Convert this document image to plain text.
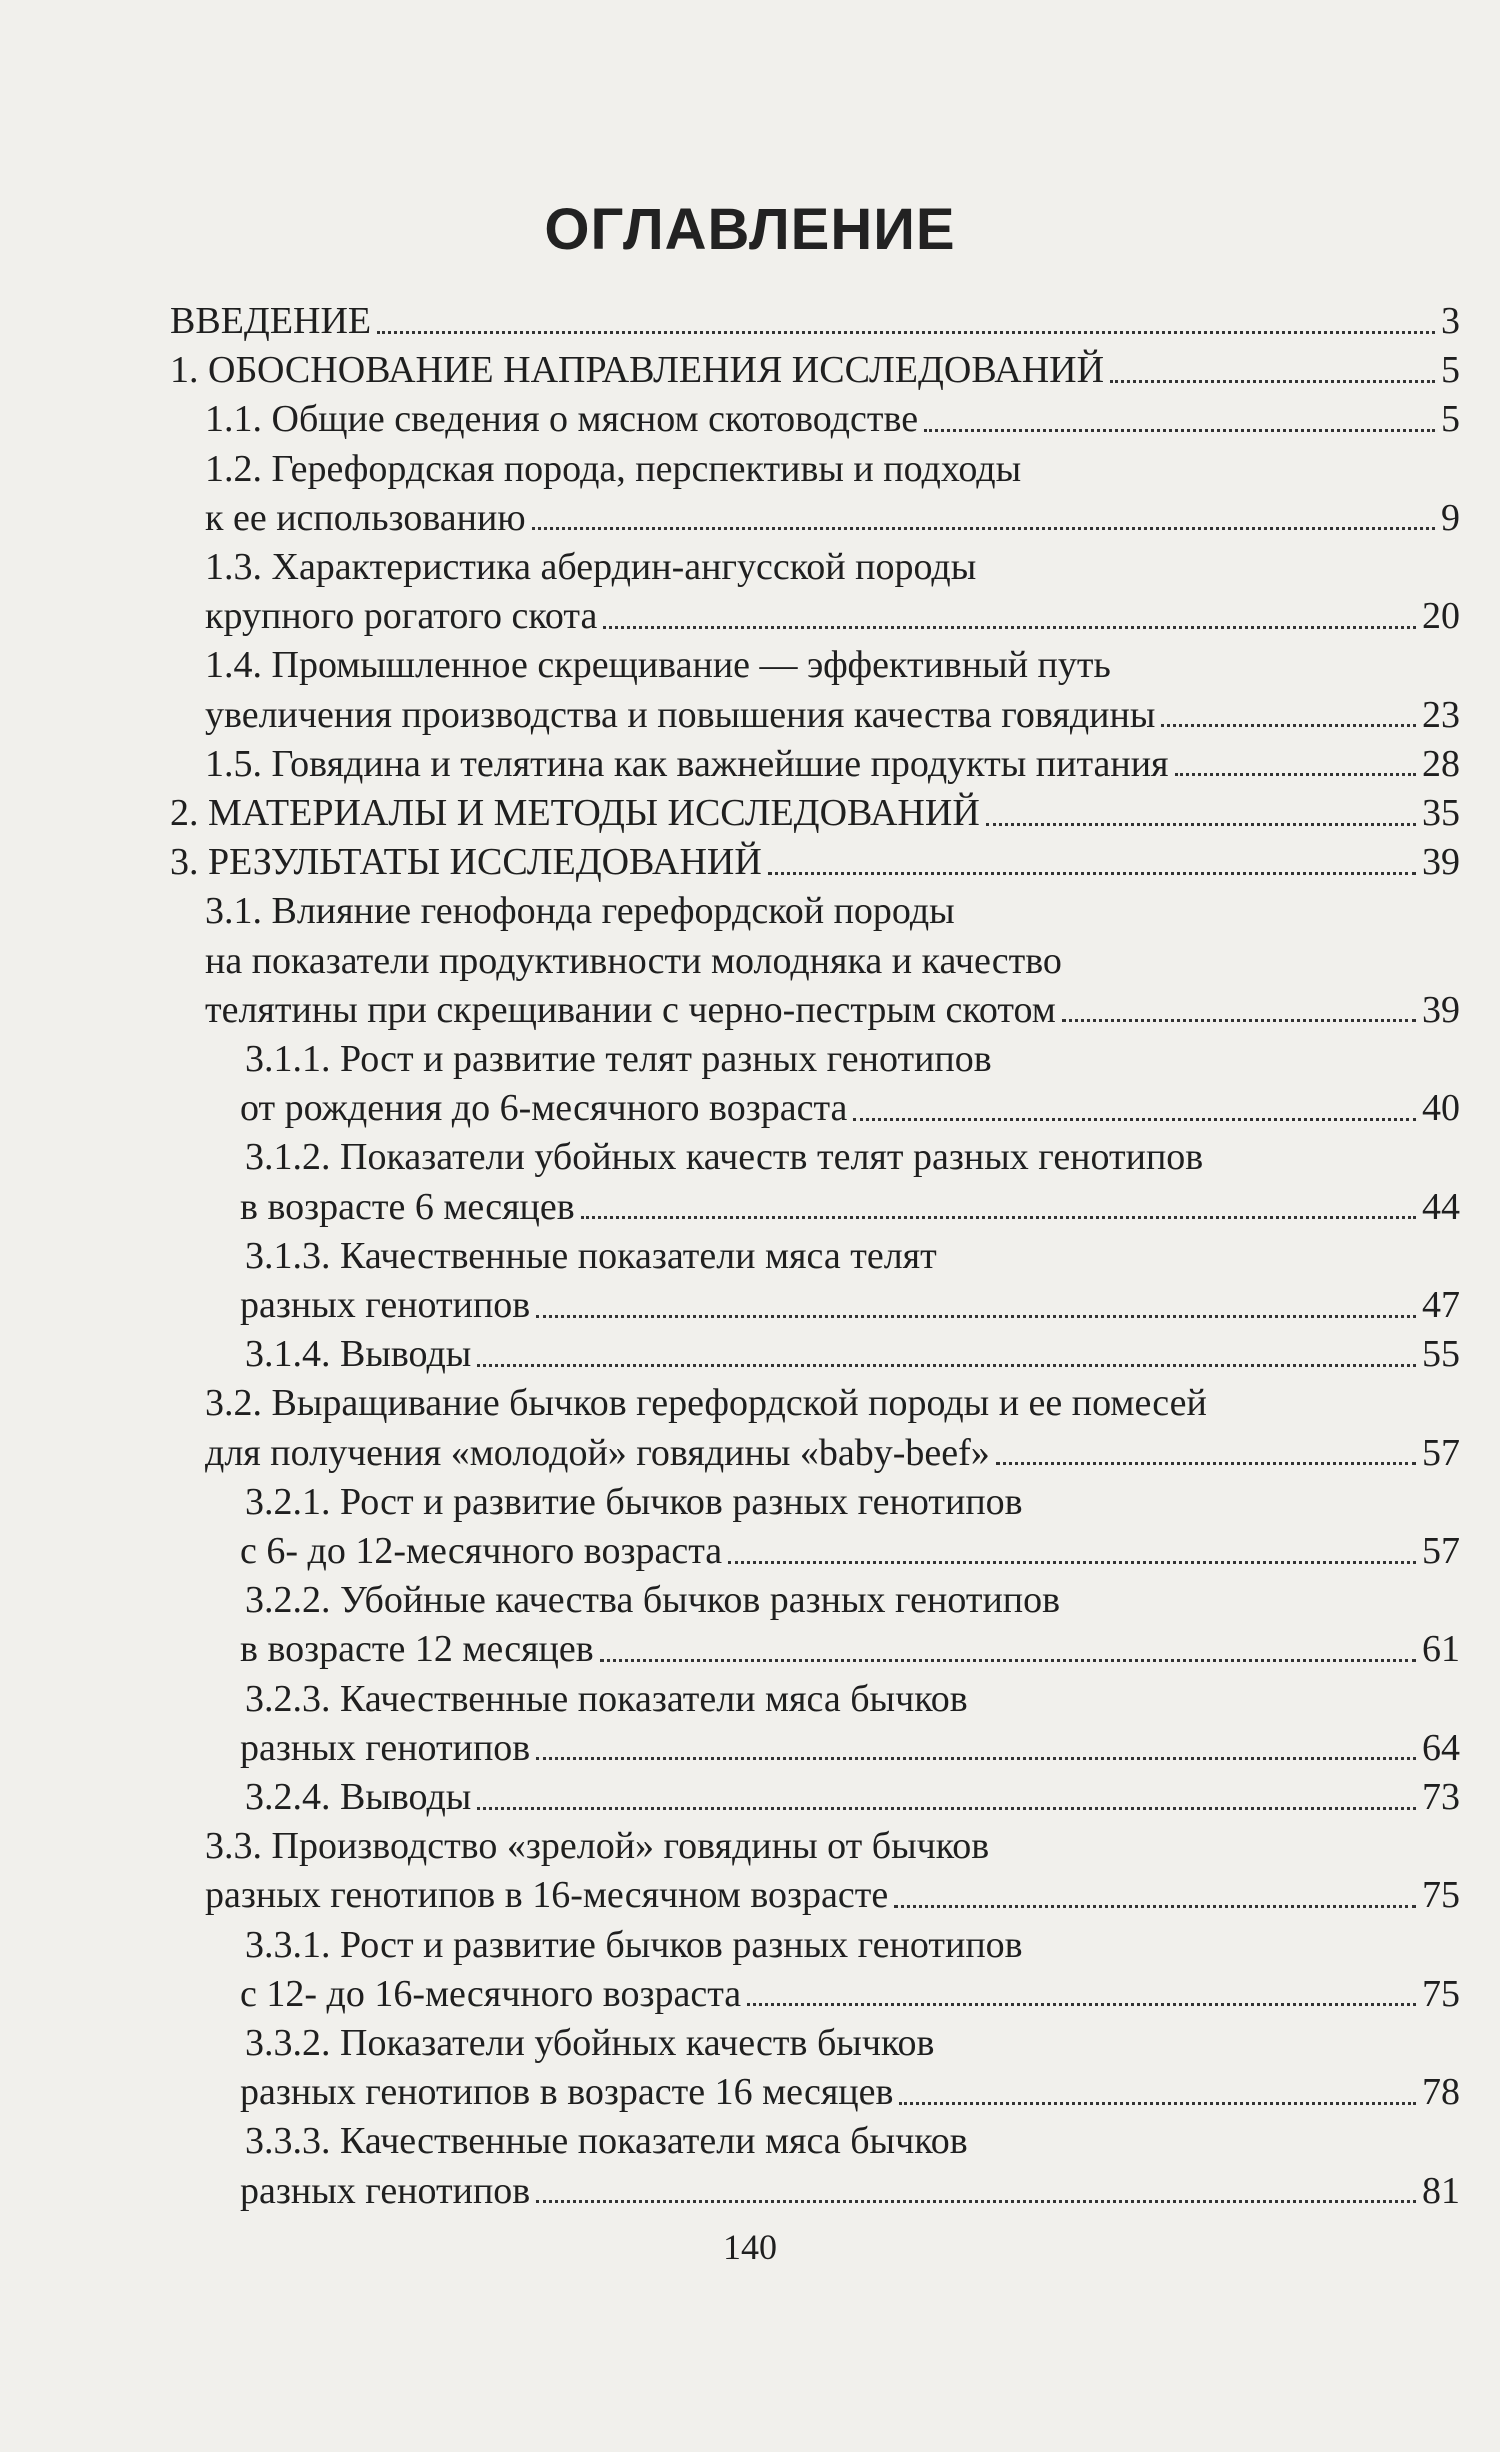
ОГЛАВЛЕНИЕ
ВВЕДЕНИЕ	3
1. ОБОСНОВАНИЕ НАПРАВЛЕНИЯ ИССЛЕДОВАНИЙ	5
1.1. Общие сведения о мясном скотоводстве	5
1.2. Герефордская порода, перспективы и подходы
к ее использованию	9
1.3. Характеристика абердин-ангусской породы
крупного рогатого скота	20
1.4. Промышленное скрещивание — эффективный путь
увеличения производства и повышения качества говядины	23
1.5. Говядина и телятина как важнейшие продукты питания	28
2. МАТЕРИАЛЫ И МЕТОДЫ ИССЛЕДОВАНИЙ	35
3. РЕЗУЛЬТАТЫ ИССЛЕДОВАНИЙ	39
3.1. Влияние генофонда герефордской породы
на показатели продуктивности молодняка и качество
телятины при скрещивании с черно-пестрым скотом	39
3.1.1. Рост и развитие телят разных генотипов
от рождения до 6-месячного возраста	40
3.1.2. Показатели убойных качеств телят разных генотипов
в возрасте 6 месяцев	44
3.1.3. Качественные показатели мяса телят
разных генотипов	47
3.1.4. Выводы	55
3.2. Выращивание бычков герефордской породы и ее помесей
для получения «молодой» говядины «baby-beef»	57
3.2.1. Рост и развитие бычков разных генотипов
с 6- до 12-месячного возраста	57
3.2.2. Убойные качества бычков разных генотипов
в возрасте 12 месяцев	61
3.2.3. Качественные показатели мяса бычков
разных генотипов	64
3.2.4. Выводы	73
3.3. Производство «зрелой» говядины от бычков
разных генотипов в 16-месячном возрасте	75
3.3.1. Рост и развитие бычков разных генотипов
с 12- до 16-месячного возраста	75
3.3.2. Показатели убойных качеств бычков
разных генотипов в возрасте 16 месяцев	78
3.3.3. Качественные показатели мяса бычков
разных генотипов	81
140
